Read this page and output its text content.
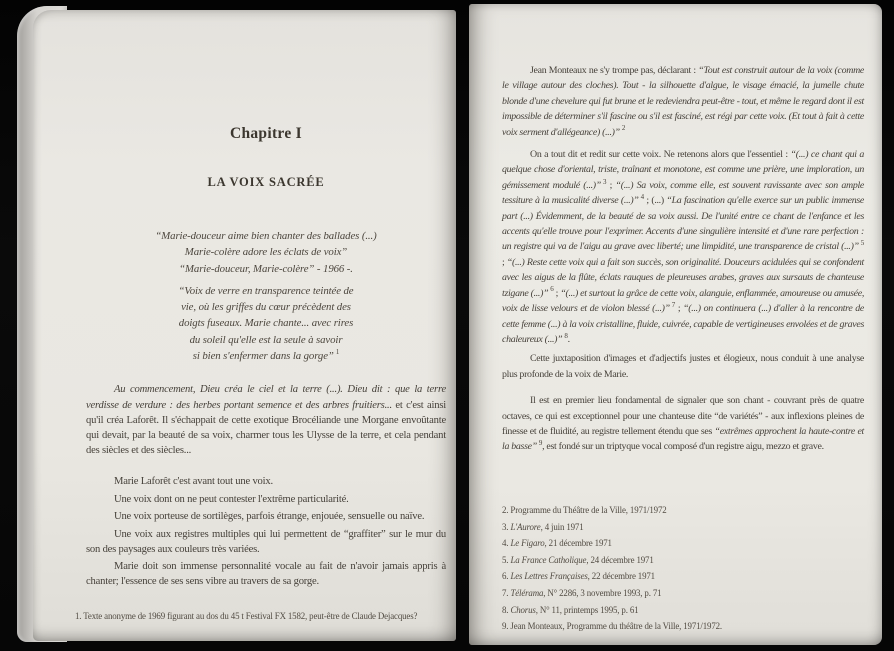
Chapitre I
LA VOIX SACRÉE
“Marie-douceur aime bien chanter des ballades (...)
Marie-colère adore les éclats de voix”
“Marie-douceur, Marie-colère” - 1966 -.
“Voix de verre en transparence teintée de
vie, où les griffes du cœur précèdent des
doigts fuseaux. Marie chante... avec rires
du soleil qu'elle est la seule à savoir
si bien s'enfermer dans la gorge” $^1$

Au commencement, Dieu créa le ciel et la terre (...). Dieu dit : que la terre verdisse de verdure : des herbes portant semence et des arbres fruitiers... et c'est ainsi qu'il créa Laforêt. Il s'échappait de cette exotique Brocéliande une Morgane envoûtante qui devait, par la beauté de sa voix, charmer tous les Ulysse de la terre, et cela pendant des siècles et des siècles...

Marie Laforêt c'est avant tout une voix.

Une voix dont on ne peut contester l'extrême particularité.

Une voix porteuse de sortilèges, parfois étrange, enjouée, sensuelle ou naïve.

Une voix aux registres multiples qui lui permettent de “graffiter” sur le mur du son des paysages aux couleurs très variées.

Marie doit son immense personnalité vocale au fait de n'avoir jamais appris à chanter; l'essence de ses sens vibre au travers de sa gorge.

1. Texte anonyme de 1969 figurant au dos du 45 t Festival FX 1582, peut-être de Claude Dejacques?

Jean Monteaux ne s'y trompe pas, déclarant : “Tout est construit autour de la voix (comme le village autour des cloches). Tout - la silhouette d'algue, le visage émacié, la jumelle chute blonde d'une chevelure qui fut brune et le redeviendra peut-être - tout, et même le regard dont il est impossible de déterminer s'il fascine ou s'il est fasciné, est régi par cette voix. (Et tout à fait à cette voix serment d'allégeance) (...)” $^2$

On a tout dit et redit sur cette voix. Ne retenons alors que l'essentiel : “(...) ce chant qui a quelque chose d'oriental, triste, traînant et monotone, est comme une prière, une imploration, un gémissement modulé (...)” $^3$ ; “(...) Sa voix, comme elle, est souvent ravissante avec son ample tessiture à la musicalité diverse (...)” $^4$ ; (...) “La fascination qu'elle exerce sur un public immense part (...) Évidemment, de la beauté de sa voix aussi. De l'unité entre ce chant de l'enfance et les accents qu'elle trouve pour l'exprimer. Accents d'une singulière intensité et d'une rare perfection : un registre qui va de l'aigu au grave avec liberté; une limpidité, une transparence de cristal (...)” $^5$ ; “(...) Reste cette voix qui a fait son succès, son originalité. Douceurs acidulées qui se confondent avec les aigus de la flûte, éclats rauques de pleureuses arabes, graves aux sursauts de chanteuse tzigane (...)” $^6$ ; “(...) et surtout la grâce de cette voix, alanguie, enflammée, amoureuse ou amusée, voix de lisse velours et de violon blessé (...)” $^7$ ; “(...) on continuera (...) d'aller à la rencontre de cette femme (...) à la voix cristalline, fluide, cuivrée, capable de vertigineuses envolées et de graves chaleureux (...)” $^8$.

Cette juxtaposition d'images et d'adjectifs justes et élogieux, nous conduit à une analyse plus profonde de la voix de Marie.

Il est en premier lieu fondamental de signaler que son chant - couvrant près de quatre octaves, ce qui est exceptionnel pour une chanteuse dite “de variétés” - aux inflexions pleines de finesse et de fluidité, au registre tellement étendu que ses “extrêmes approchent la haute-contre et la basse” $^9$, est fondé sur un triptyque vocal composé d'un registre aigu, mezzo et grave.

2. Programme du Théâtre de la Ville, 1971/1972

3. L'Aurore, 4 juin 1971

4. Le Figaro, 21 décembre 1971

5. La France Catholique, 24 décembre 1971

6. Les Lettres Françaises, 22 décembre 1971

7. Télérama, N° 2286, 3 novembre 1993, p. 71

8. Chorus, N° 11, printemps 1995, p. 61

9. Jean Monteaux, Programme du théâtre de la Ville, 1971/1972.
